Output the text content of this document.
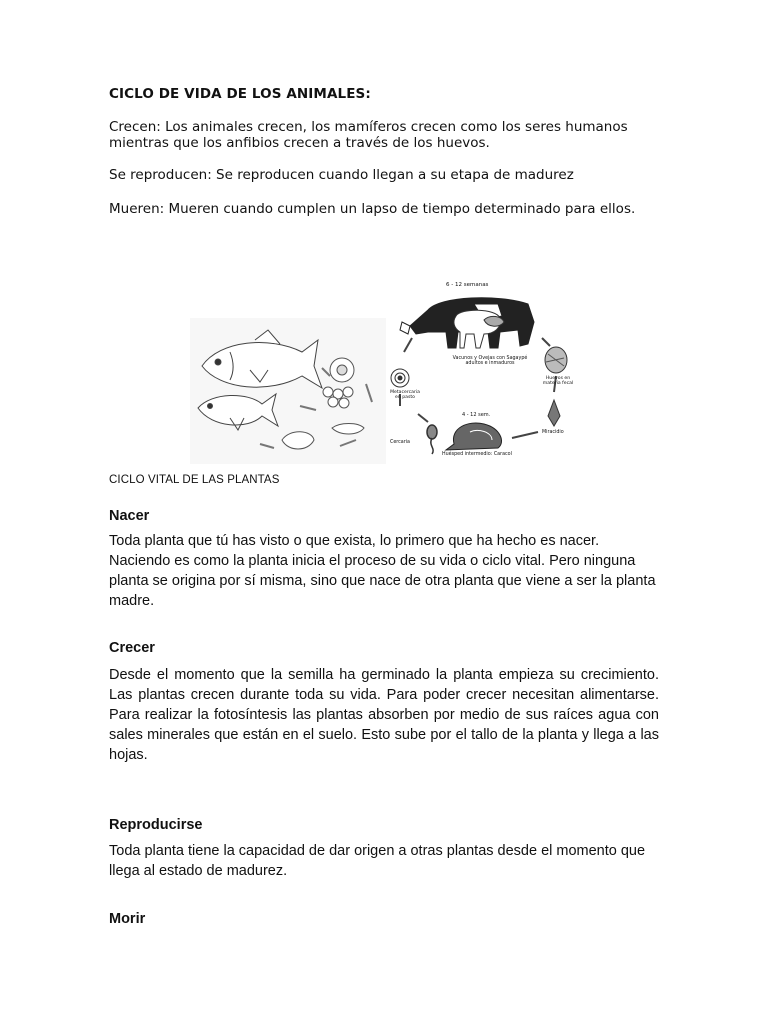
CICLO DE VIDA DE LOS ANIMALES:
Crecen: Los animales crecen, los mamíferos crecen como los seres humanos mientras que los anfibios crecen a través de los huevos.
Se reproducen: Se reproducen cuando llegan a su etapa de madurez
Mueren: Mueren cuando cumplen un lapso de tiempo determinado para ellos.
6 - 12 semanas
Vacunos y Ovejas con Sagaypé adultos e inmaduros
Huevos en materia fecal
Miracidio
4 - 12 sem.
Huésped intermedio: Caracol
Cercaria
Metacercaria en pasto
CICLO VITAL DE LAS PLANTAS
Nacer
Toda planta que tú has visto o que exista, lo primero que ha hecho es nacer. Naciendo es como la planta inicia el proceso de su vida o ciclo vital. Pero ninguna planta se origina por sí misma, sino que nace de otra planta que viene a ser la planta madre.
Crecer
Desde el momento que la semilla ha germinado la planta empieza su crecimiento. Las plantas crecen durante toda su vida. Para poder crecer necesitan alimentarse. Para realizar la fotosíntesis las plantas absorben por medio de sus raíces agua con sales minerales que están en el suelo. Esto sube por el tallo de la planta y llega a las hojas.
Reproducirse
Toda planta tiene la capacidad de dar origen a otras plantas desde el momento que llega al estado de madurez.
Morir
